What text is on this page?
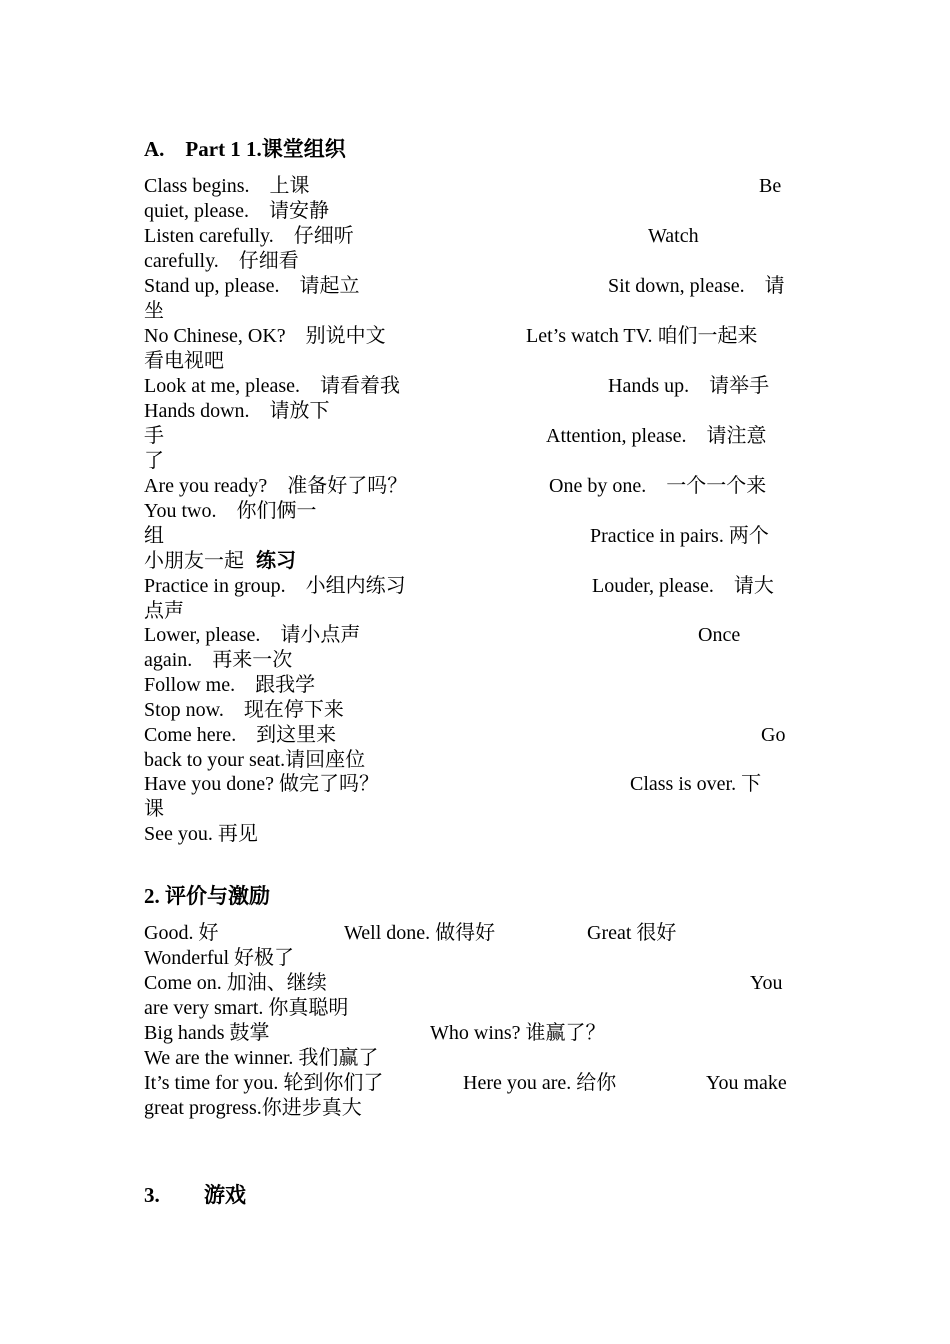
A.　Part 1 1.课堂组织
Class begins.　上课	Be
quiet, please.　请安静
Listen carefully.　仔细听	Watch
carefully.　仔细看
Stand up, please.　请起立	Sit down, please.　请
坐
No Chinese, OK?　别说中文	Let’s watch TV. 咱们一起来
看电视吧
Look at me, please.　请看着我	Hands up.　请举手
Hands down.　请放下
手	Attention, please.　请注意
了
Are you ready?　准备好了吗？	One by one.　一个一个来
You two.　你们俩一
组	Practice in pairs. 两个
小朋友一起 练习
Practice in group.　小组内练习	Louder, please.　请大
点声
Lower, please.　请小点声	Once
again.　再来一次
Follow me.　跟我学
Stop now.　现在停下来
Come here.　到这里来	Go
back to your seat.请回座位
Have you done? 做完了吗？	Class is over. 下
课
See you. 再见
2. 评价与激励
Good. 好	Well done. 做得好	Great 很好
Wonderful 好极了
Come on. 加油、继续	You
are very smart. 你真聪明
Big hands 鼓掌	Who wins? 谁赢了？
We are the winner. 我们赢了
It’s time for you. 轮到你们了	Here you are. 给你	You make
great progress.你进步真大
3. 游戏
